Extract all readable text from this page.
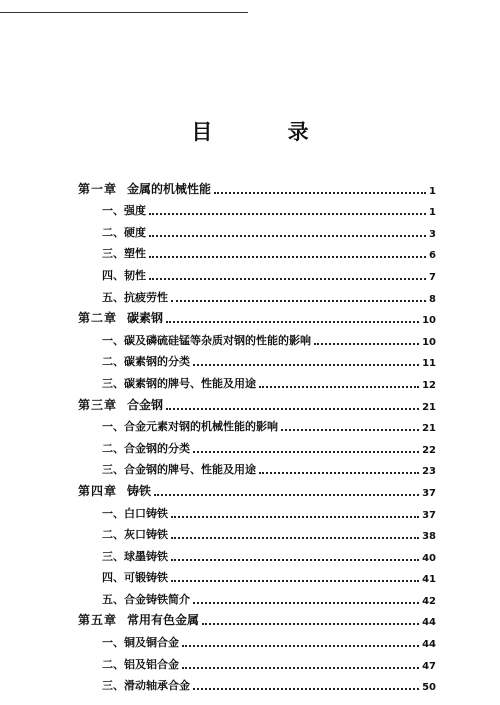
目 录
第一章 金属的机械性能	1
一、强度	1
二、硬度	3
三、塑性	6
四、韧性	7
五、抗疲劳性	8
第二章 碳素钢	10
一、碳及磷硫硅锰等杂质对钢的性能的影响	10
二、碳素钢的分类	11
三、碳素钢的牌号、性能及用途	12
第三章 合金钢	21
一、合金元素对钢的机械性能的影响	21
二、合金钢的分类	22
三、合金钢的牌号、性能及用途	23
第四章 铸铁	37
一、白口铸铁	37
二、灰口铸铁	38
三、球墨铸铁	40
四、可锻铸铁	41
五、合金铸铁简介	42
第五章 常用有色金属	44
一、铜及铜合金	44
二、铝及铝合金	47
三、滑动轴承合金	50
